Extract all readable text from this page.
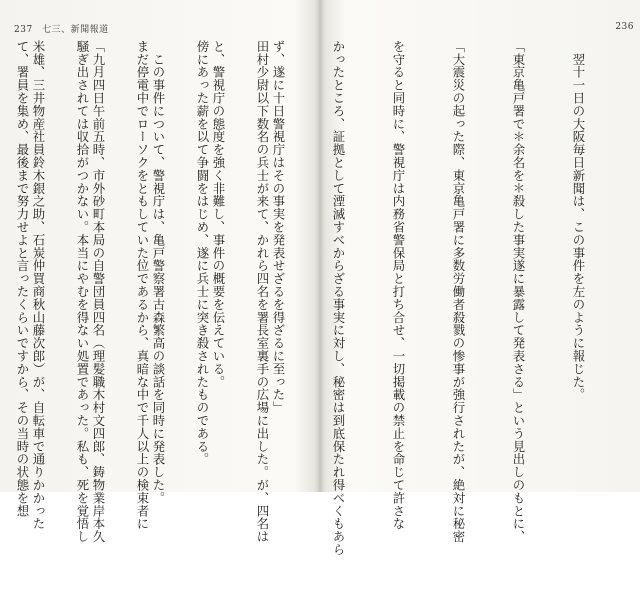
237 七三、新聞報道

田村少尉以下数名の兵士が来て、かれら四名を署長室裏手の広場に出した。が、四名は

傍にあった薪を以て争闘をはじめ、遂に兵士に突き殺されたものである。

まだ停電中でローソクをともしていた位であるから、真暗な中で千人以上の検束者に

騒ぎ出されては収拾がつかない。本当にやむを得ない処置であった。私も、死を覚悟し

て、署員を集め、最後まで努力せよと言ったくらいですから、その当時の状態を想

236

　翌十一日の大阪毎日新聞は、この事件を左のように報じた。

「東京亀戸署で＊余名を＊殺した事実遂に暴露して発表さる」という見出しのもとに、

「大震災の起った際、東京亀戸署に多数労働者殺戮の惨事が強行されたが、絶対に秘密

を守ると同時に、警視庁は内務省警保局と打ち合せ、一切掲載の禁止を命じて許さな

かったところ、証拠として湮滅すべからざる事実に対し、秘密は到底保たれ得べくもあら

ず、遂に十日警視庁はその事実を発表せざるを得ざるに至った」

と、警視庁の態度を強く非難し、事件の概要を伝えている。

　この事件について、警視庁は、亀戸警察署古森繁高の談話を同時に発表した。

「九月四日午前五時、市外砂町本局の自警団員四名（理髪職木村文四郎、鋳物業岸本久

米雄、三井物産社員鈴木銀之助、石炭仲買商秋山藤次郎）が、自転車で通りかかった
